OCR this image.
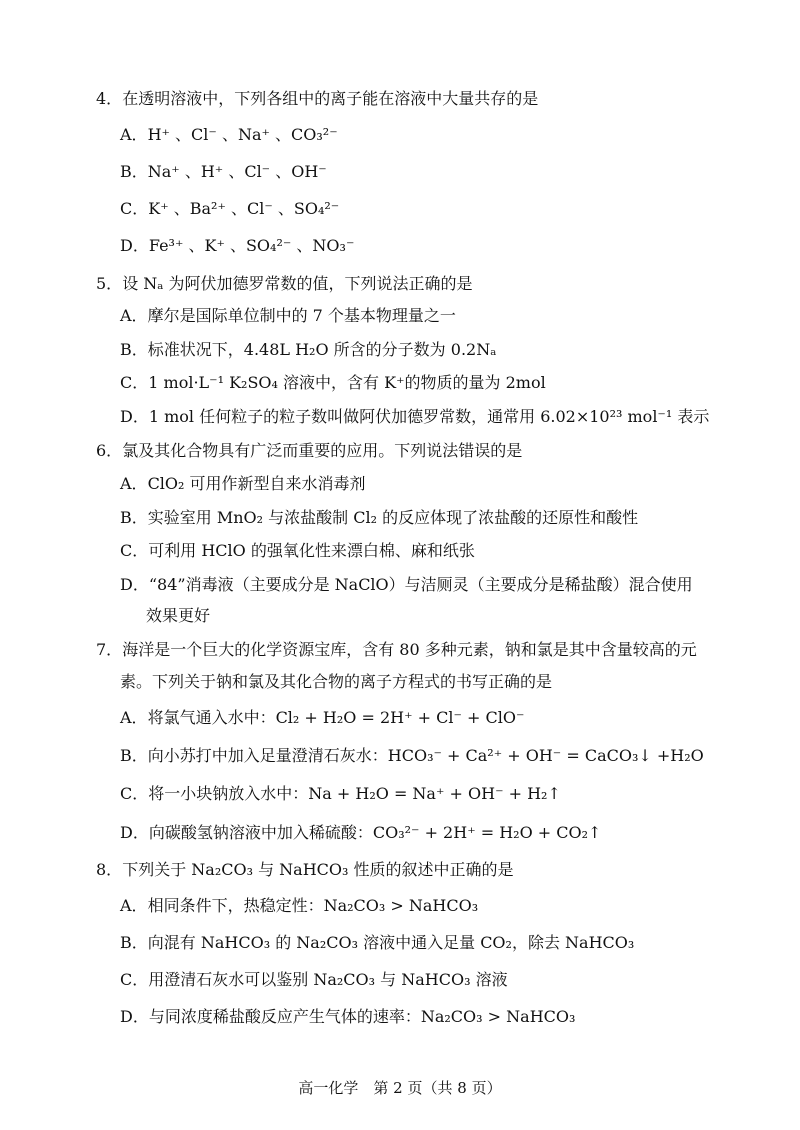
4．在透明溶液中，下列各组中的离子能在溶液中大量共存的是
A．H⁺ 、Cl⁻ 、Na⁺ 、CO₃²⁻
B．Na⁺ 、H⁺ 、Cl⁻ 、OH⁻
C．K⁺ 、Ba²⁺ 、Cl⁻ 、SO₄²⁻
D．Fe³⁺ 、K⁺ 、SO₄²⁻ 、NO₃⁻
5．设 Nₐ 为阿伏加德罗常数的值，下列说法正确的是
A．摩尔是国际单位制中的 7 个基本物理量之一
B．标准状况下，4.48L H₂O 所含的分子数为 0.2Nₐ
C．1 mol·L⁻¹ K₂SO₄ 溶液中，含有 K⁺的物质的量为 2mol
D．1 mol 任何粒子的粒子数叫做阿伏加德罗常数，通常用 6.02×10²³ mol⁻¹ 表示
6．氯及其化合物具有广泛而重要的应用。下列说法错误的是
A．ClO₂ 可用作新型自来水消毒剂
B．实验室用 MnO₂ 与浓盐酸制 Cl₂ 的反应体现了浓盐酸的还原性和酸性
C．可利用 HClO 的强氧化性来漂白棉、麻和纸张
D．“84”消毒液（主要成分是 NaClO）与洁厕灵（主要成分是稀盐酸）混合使用
效果更好
7．海洋是一个巨大的化学资源宝库，含有 80 多种元素，钠和氯是其中含量较高的元
素。下列关于钠和氯及其化合物的离子方程式的书写正确的是
A．将氯气通入水中：Cl₂ + H₂O = 2H⁺ + Cl⁻ + ClO⁻
B．向小苏打中加入足量澄清石灰水：HCO₃⁻ + Ca²⁺ + OH⁻ = CaCO₃↓ +H₂O
C．将一小块钠放入水中：Na + H₂O = Na⁺ + OH⁻ + H₂↑
D．向碳酸氢钠溶液中加入稀硫酸：CO₃²⁻ + 2H⁺ = H₂O + CO₂↑
8．下列关于 Na₂CO₃ 与 NaHCO₃ 性质的叙述中正确的是
A．相同条件下，热稳定性：Na₂CO₃ > NaHCO₃
B．向混有 NaHCO₃ 的 Na₂CO₃ 溶液中通入足量 CO₂，除去 NaHCO₃
C．用澄清石灰水可以鉴别 Na₂CO₃ 与 NaHCO₃ 溶液
D．与同浓度稀盐酸反应产生气体的速率：Na₂CO₃ > NaHCO₃
高一化学　第 2 页（共 8 页）
